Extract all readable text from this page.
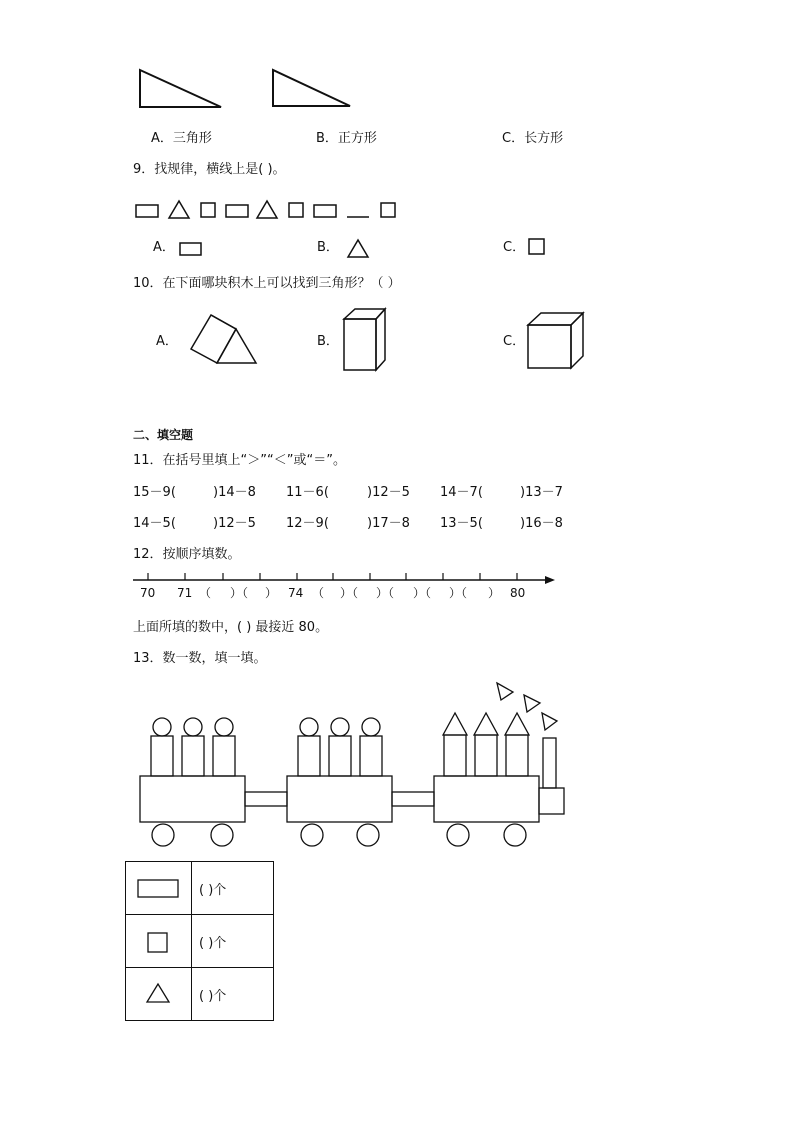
A．三角形	B．正方形	C．长方形
9．找规律，横线上是( )。
A．	B．	C．
10．在下面哪块积木上可以找到三角形？（ ）
A．	B．	C．
二、填空题
11．在括号里填上“＞”“＜”或“＝”。
15－9(	)14－8 11－6(	)12－5 14－7(	)13－7
14－5(	)12－5 12－9(	)17－8 13－5(	)16－8
12．按顺序填数。
70 71 （ ）（ ） 74 （ ）（ ）（ ）（ ）（ ） 80
上面所填的数中，( ) 最接近 80。
13．数一数，填一填。
	( )个

	( )个

	( )个
